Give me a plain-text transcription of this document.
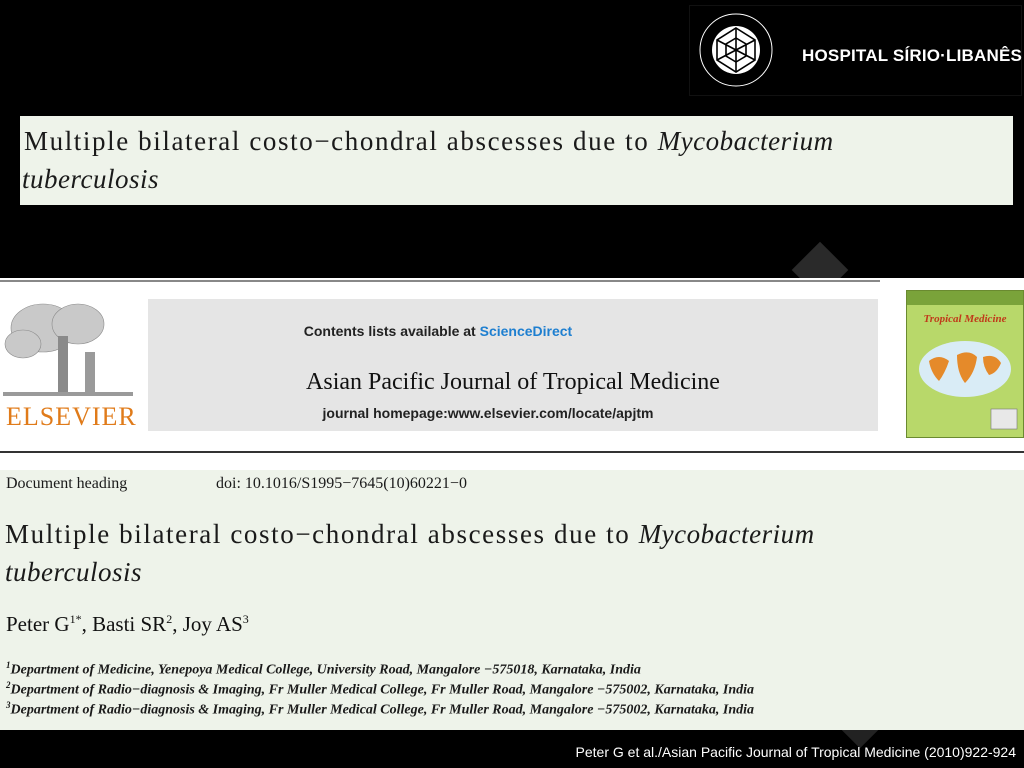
HOSPITAL SÍRIO·LIBANÊS
Multiple bilateral costo−chondral abscesses due to Mycobacterium
tuberculosis
ELSEVIER
Contents lists available at ScienceDirect
Asian Pacific Journal of Tropical Medicine
journal homepage:www.elsevier.com/locate/apjtm
Tropical Medicine
Document heading	doi: 10.1016/S1995−7645(10)60221−0
Multiple bilateral costo−chondral abscesses due to Mycobacterium
tuberculosis
Peter $G^{1*}$, Basti $SR^2$, Joy $AS^3$
$^1$Department of Medicine, Yenepoya Medical College, University Road, Mangalore −575018, Karnataka, India
$^2$Department of Radio−diagnosis & Imaging, Fr Muller Medical College, Fr Muller Road, Mangalore −575002, Karnataka, India
$^3$Department of Radio−diagnosis & Imaging, Fr Muller Medical College, Fr Muller Road, Mangalore −575002, Karnataka, India
Peter G et al./Asian Pacific Journal of Tropical Medicine (2010)922-924
